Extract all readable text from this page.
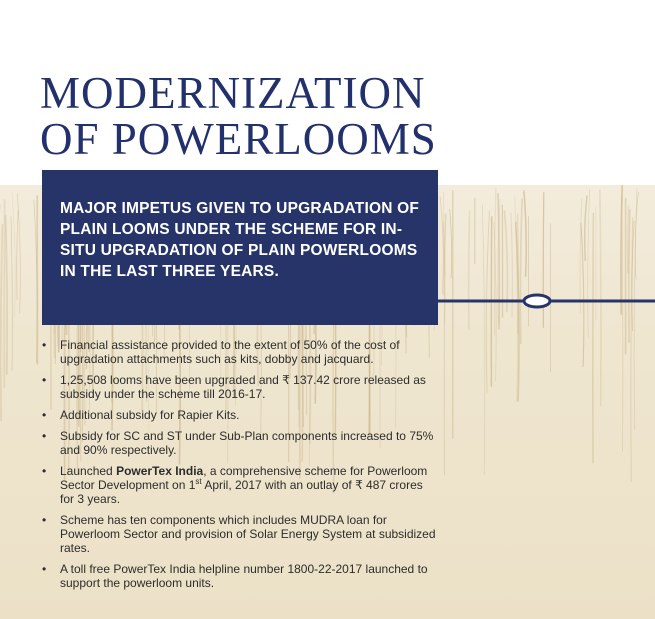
MODERNIZATION
OF POWERLOOMS

MAJOR IMPETUS GIVEN TO UPGRADATION OF PLAIN LOOMS UNDER THE SCHEME FOR IN-SITU UPGRADATION OF PLAIN POWERLOOMS IN THE LAST THREE YEARS.

• Financial assistance provided to the extent of 50% of the cost of upgradation attachments such as kits, dobby and jacquard.
• 1,25,508 looms have been upgraded and ₹ 137.42 crore released as subsidy under the scheme till 2016-17.
• Additional subsidy for Rapier Kits.
• Subsidy for SC and ST under Sub-Plan components increased to 75% and 90% respectively.
• Launched PowerTex India, a comprehensive scheme for Powerloom Sector Development on 1st April, 2017 with an outlay of ₹ 487 crores for 3 years.
• Scheme has ten components which includes MUDRA loan for Powerloom Sector and provision of Solar Energy System at subsidized rates.
• A toll free PowerTex India helpline number 1800-22-2017 launched to support the powerloom units.
